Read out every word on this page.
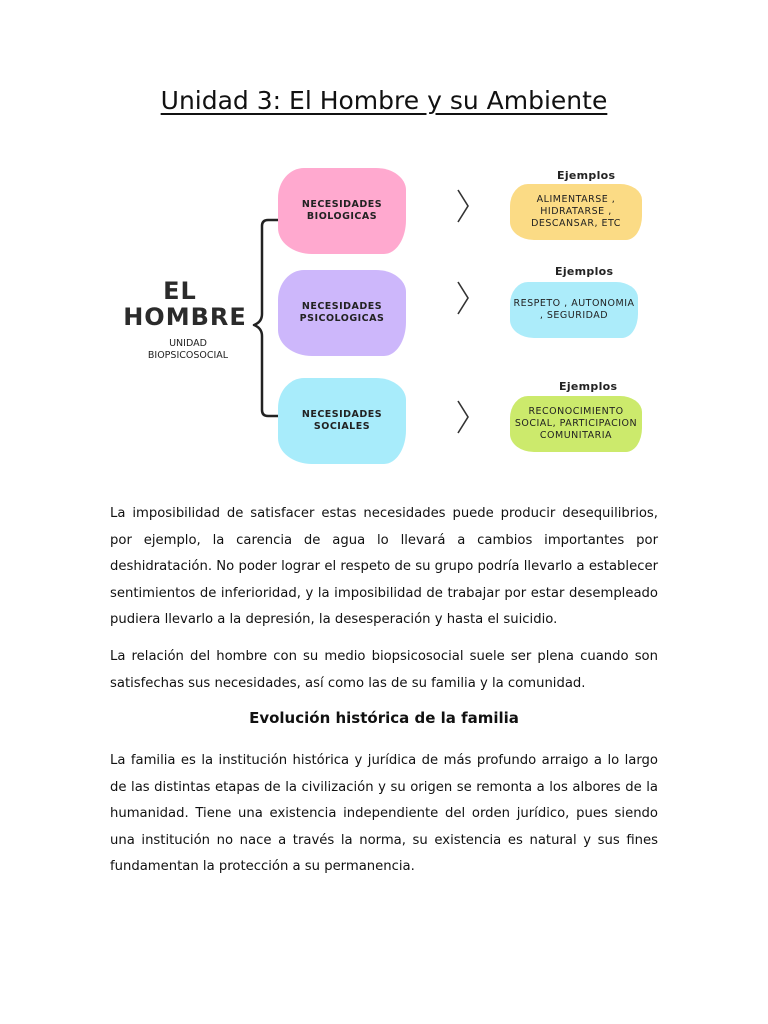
Unidad 3: El Hombre y su Ambiente
EL
HOMBRE
UNIDAD BIOPSICOSOCIAL
NECESIDADES BIOLOGICAS
NECESIDADES PSICOLOGICAS
NECESIDADES SOCIALES
Ejemplos
Ejemplos
Ejemplos
ALIMENTARSE , HIDRATARSE , DESCANSAR, ETC
RESPETO , AUTONOMIA , SEGURIDAD
RECONOCIMIENTO SOCIAL, PARTICIPACION COMUNITARIA

La imposibilidad de satisfacer estas necesidades puede producir desequilibrios, por ejemplo, la carencia de agua lo llevará a cambios importantes por deshidratación. No poder lograr el respeto de su grupo podría llevarlo a establecer sentimientos de inferioridad, y la imposibilidad de trabajar por estar desempleado pudiera llevarlo a la depresión, la desesperación y hasta el suicidio.

La relación del hombre con su medio biopsicosocial suele ser plena cuando son satisfechas sus necesidades, así como las de su familia y la comunidad.

Evolución histórica de la familia

La familia es la institución histórica y jurídica de más profundo arraigo a lo largo de las distintas etapas de la civilización y su origen se remonta a los albores de la humanidad. Tiene una existencia independiente del orden jurídico, pues siendo una institución no nace a través la norma, su existencia es natural y sus fines fundamentan la protección a su permanencia.
